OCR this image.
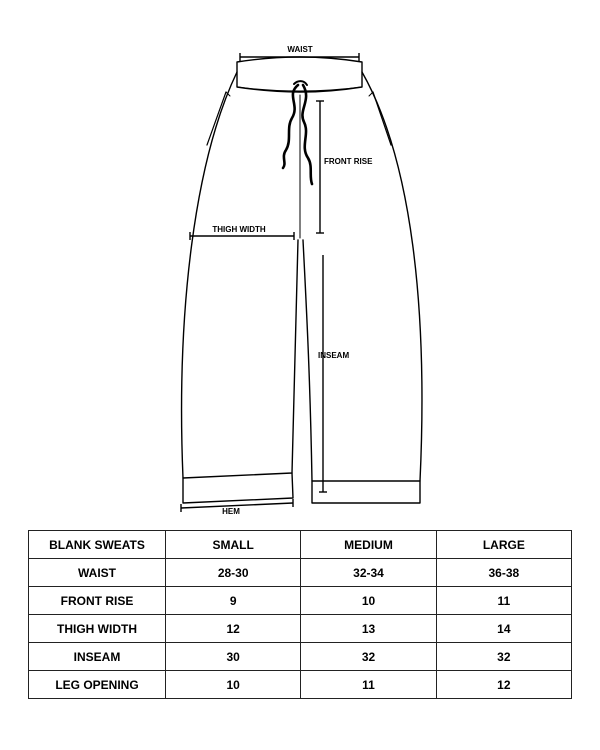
WAIST
FRONT RISE
THIGH WIDTH
INSEAM
HEM
BLANK SWEATS	SMALL	MEDIUM	LARGE
WAIST	28-30	32-34	36-38
FRONT RISE	9	10	11
THIGH WIDTH	12	13	14
INSEAM	30	32	32
LEG OPENING	10	11	12
